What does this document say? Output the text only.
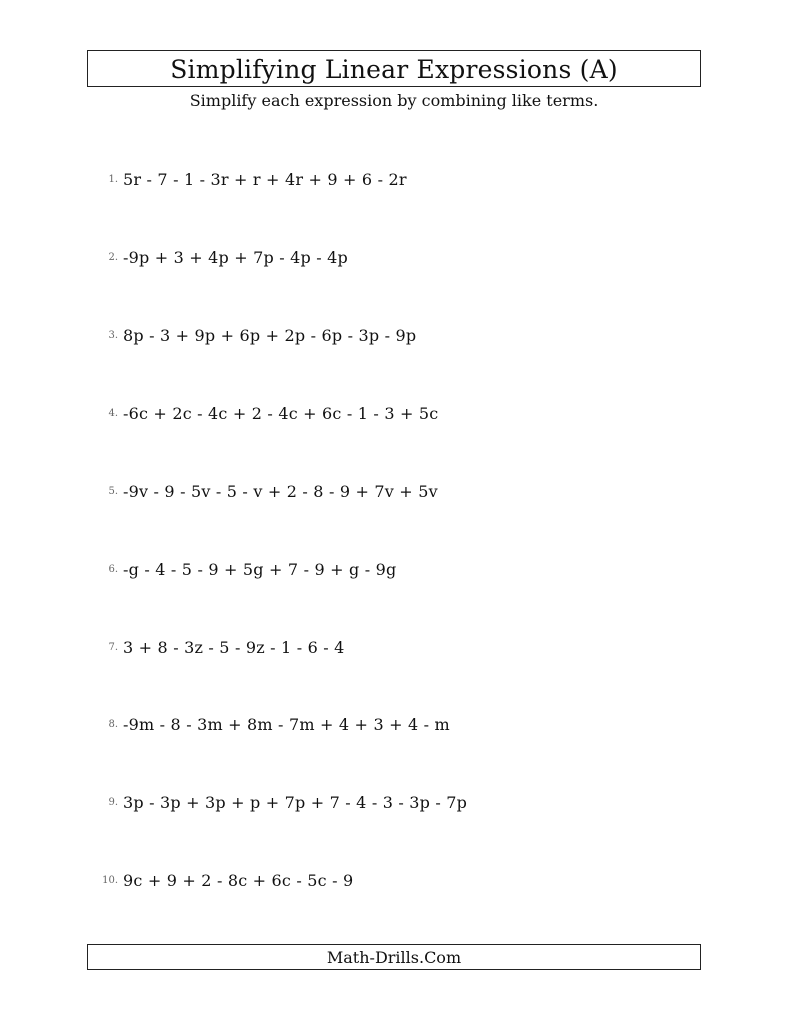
Simplifying Linear Expressions (A)
Simplify each expression by combining like terms.
1. 5r - 7 - 1 - 3r + r + 4r + 9 + 6 - 2r
2. -9p + 3 + 4p + 7p - 4p - 4p
3. 8p - 3 + 9p + 6p + 2p - 6p - 3p - 9p
4. -6c + 2c - 4c + 2 - 4c + 6c - 1 - 3 + 5c
5. -9v - 9 - 5v - 5 - v + 2 - 8 - 9 + 7v + 5v
6. -g - 4 - 5 - 9 + 5g + 7 - 9 + g - 9g
7. 3 + 8 - 3z - 5 - 9z - 1 - 6 - 4
8. -9m - 8 - 3m + 8m - 7m + 4 + 3 + 4 - m
9. 3p - 3p + 3p + p + 7p + 7 - 4 - 3 - 3p - 7p
10. 9c + 9 + 2 - 8c + 6c - 5c - 9
Math-Drills.Com
